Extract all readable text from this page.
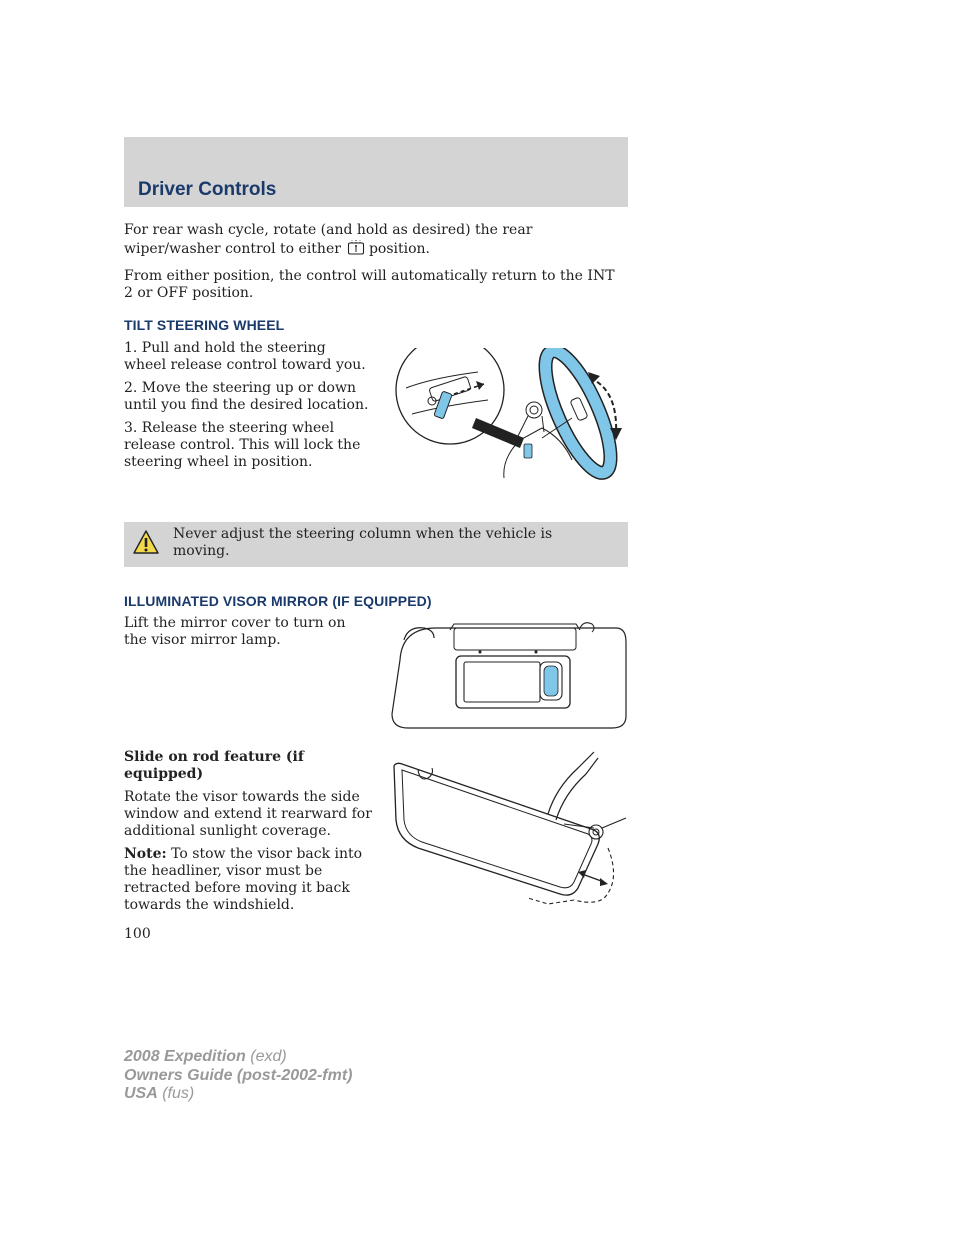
Driver Controls
For rear wash cycle, rotate (and hold as desired) the rear wiper/washer control to either position.
From either position, the control will automatically return to the INT 2 or OFF position.
TILT STEERING WHEEL

1. Pull and hold the steering wheel release control toward you.

2. Move the steering up or down until you find the desired location.

3. Release the steering wheel release control. This will lock the steering wheel in position.

Never adjust the steering column when the vehicle is moving.
ILLUMINATED VISOR MIRROR (IF EQUIPPED)
Lift the mirror cover to turn on the visor mirror lamp.

Slide on rod feature (if equipped)

Rotate the visor towards the side window and extend it rearward for additional sunlight coverage.

Note: To stow the visor back into the headliner, visor must be retracted before moving it back towards the windshield.

100
2008 Expedition (exd)
Owners Guide (post-2002-fmt)
USA (fus)
